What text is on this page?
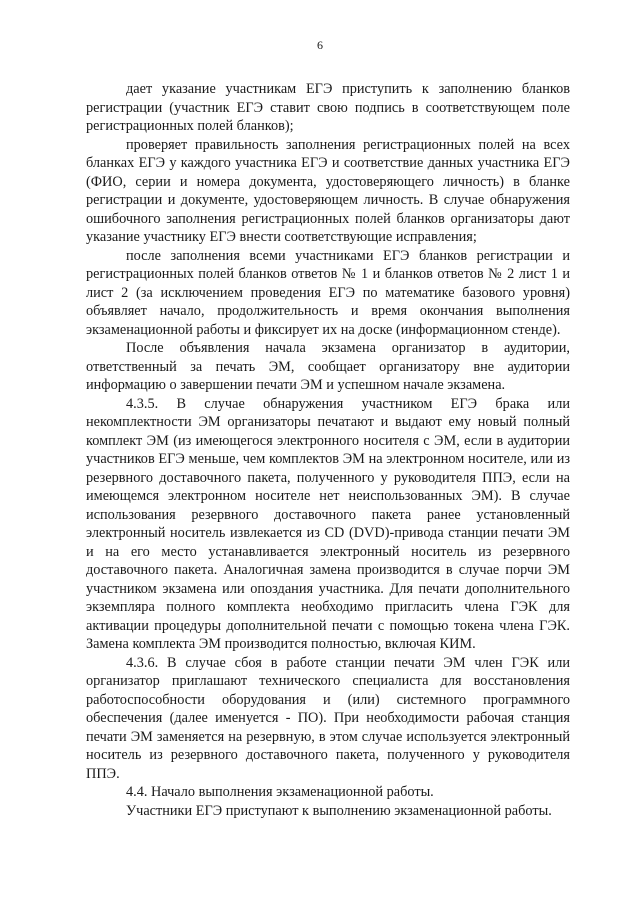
6

дает указание участникам ЕГЭ приступить к заполнению бланков регистрации (участник ЕГЭ ставит свою подпись в соответствующем поле регистрационных полей бланков);

проверяет правильность заполнения регистрационных полей на всех бланках ЕГЭ у каждого участника ЕГЭ и соответствие данных участника ЕГЭ (ФИО, серии и номера документа, удостоверяющего личность) в бланке регистрации и документе, удостоверяющем личность. В случае обнаружения ошибочного заполнения регистрационных полей бланков организаторы дают указание участнику ЕГЭ внести соответствующие исправления;

после заполнения всеми участниками ЕГЭ бланков регистрации и регистрационных полей бланков ответов № 1 и бланков ответов № 2 лист 1 и лист 2 (за исключением проведения ЕГЭ по математике базового уровня) объявляет начало, продолжительность и время окончания выполнения экзаменационной работы и фиксирует их на доске (информационном стенде).

После объявления начала экзамена организатор в аудитории, ответственный за печать ЭМ, сообщает организатору вне аудитории информацию о завершении печати ЭМ и успешном начале экзамена.

4.3.5. В случае обнаружения участником ЕГЭ брака или некомплектности ЭМ организаторы печатают и выдают ему новый полный комплект ЭМ (из имеющегося электронного носителя с ЭМ, если в аудитории участников ЕГЭ меньше, чем комплектов ЭМ на электронном носителе, или из резервного доставочного пакета, полученного у руководителя ППЭ, если на имеющемся электронном носителе нет неиспользованных ЭМ). В случае использования резервного доставочного пакета ранее установленный электронный носитель извлекается из CD (DVD)-привода станции печати ЭМ и на его место устанавливается электронный носитель из резервного доставочного пакета. Аналогичная замена производится в случае порчи ЭМ участником экзамена или опоздания участника. Для печати дополнительного экземпляра полного комплекта необходимо пригласить члена ГЭК для активации процедуры дополнительной печати с помощью токена члена ГЭК. Замена комплекта ЭМ производится полностью, включая КИМ.

4.3.6. В случае сбоя в работе станции печати ЭМ член ГЭК или организатор приглашают технического специалиста для восстановления работоспособности оборудования и (или) системного программного обеспечения (далее именуется - ПО). При необходимости рабочая станция печати ЭМ заменяется на резервную, в этом случае используется электронный носитель из резервного доставочного пакета, полученного у руководителя ППЭ.

4.4. Начало выполнения экзаменационной работы.

Участники ЕГЭ приступают к выполнению экзаменационной работы.
